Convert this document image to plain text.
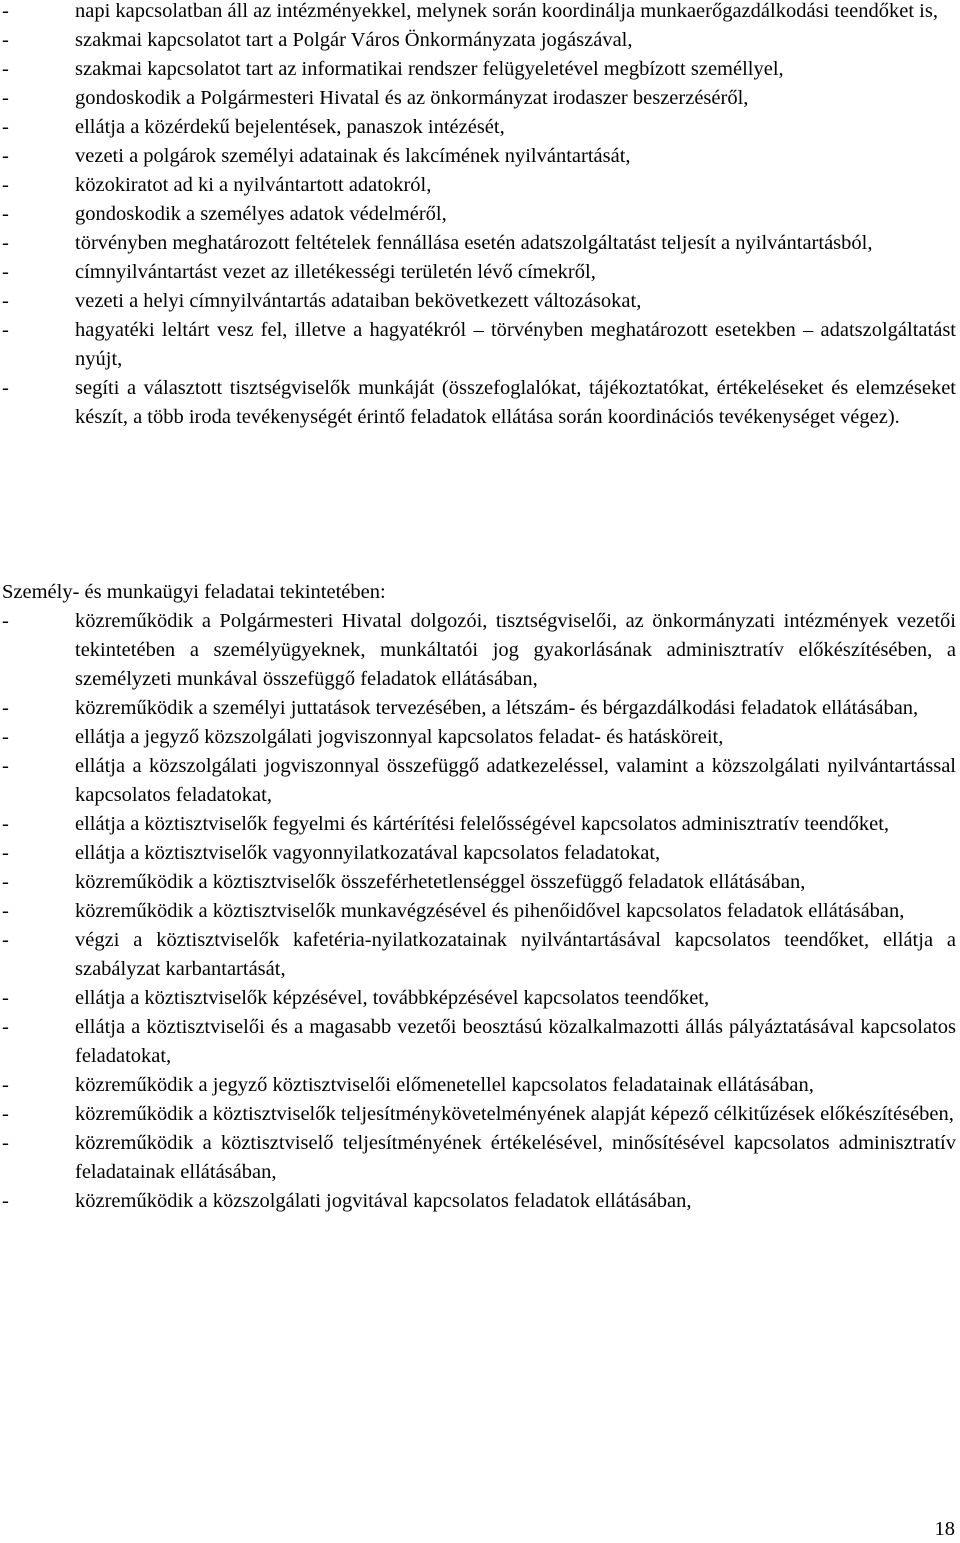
-	napi kapcsolatban áll az intézményekkel, melynek során koordinálja munkaerőgazdálkodási teendőket is,
-	szakmai kapcsolatot tart a Polgár Város Önkormányzata jogászával,
-	szakmai kapcsolatot tart az informatikai rendszer felügyeletével megbízott személlyel,
-	gondoskodik a Polgármesteri Hivatal és az önkormányzat irodaszer beszerzéséről,
-	ellátja a közérdekű bejelentések, panaszok intézését,
-	vezeti a polgárok személyi adatainak és lakcímének nyilvántartását,
-	közokiratot ad ki a nyilvántartott adatokról,
-	gondoskodik a személyes adatok védelméről,
-	törvényben meghatározott feltételek fennállása esetén adatszolgáltatást teljesít a nyilvántartásból,
-	címnyilvántartást vezet az illetékességi területén lévő címekről,
-	vezeti a helyi címnyilvántartás adataiban bekövetkezett változásokat,
-	hagyatéki leltárt vesz fel, illetve a hagyatékról – törvényben meghatározott esetekben – adatszolgáltatást nyújt,
-	segíti a választott tisztségviselők munkáját (összefoglalókat, tájékoztatókat, értékeléseket és elemzéseket készít, a több iroda tevékenységét érintő feladatok ellátása során koordinációs tevékenységet végez).
Személy- és munkaügyi feladatai tekintetében:
-	közreműködik a Polgármesteri Hivatal dolgozói, tisztségviselői, az önkormányzati intézmények vezetői tekintetében a személyügyeknek, munkáltatói jog gyakorlásának adminisztratív előkészítésében, a személyzeti munkával összefüggő feladatok ellátásában,
-	közreműködik a személyi juttatások tervezésében, a létszám- és bérgazdálkodási feladatok ellátásában,
-	ellátja a jegyző közszolgálati jogviszonnyal kapcsolatos feladat- és hatásköreit,
-	ellátja a közszolgálati jogviszonnyal összefüggő adatkezeléssel, valamint a közszolgálati nyilvántartással kapcsolatos feladatokat,
-	ellátja a köztisztviselők fegyelmi és kártérítési felelősségével kapcsolatos adminisztratív teendőket,
-	ellátja a köztisztviselők vagyonnyilatkozatával kapcsolatos feladatokat,
-	közreműködik a köztisztviselők összeférhetetlenséggel összefüggő feladatok ellátásában,
-	közreműködik a köztisztviselők munkavégzésével és pihenőidővel kapcsolatos feladatok ellátásában,
-	végzi a köztisztviselők kafetéria-nyilatkozatainak nyilvántartásával kapcsolatos teendőket, ellátja a szabályzat karbantartását,
-	ellátja a köztisztviselők képzésével, továbbképzésével kapcsolatos teendőket,
-	ellátja a köztisztviselői és a magasabb vezetői beosztású közalkalmazotti állás pályáztatásával kapcsolatos feladatokat,
-	közreműködik a jegyző köztisztviselői előmenetellel kapcsolatos feladatainak ellátásában,
-	közreműködik a köztisztviselők teljesítménykövetelményének alapját képező célkitűzések előkészítésében,
-	közreműködik a köztisztviselő teljesítményének értékelésével, minősítésével kapcsolatos adminisztratív feladatainak ellátásában,
-	közreműködik a közszolgálati jogvitával kapcsolatos feladatok ellátásában,
18
